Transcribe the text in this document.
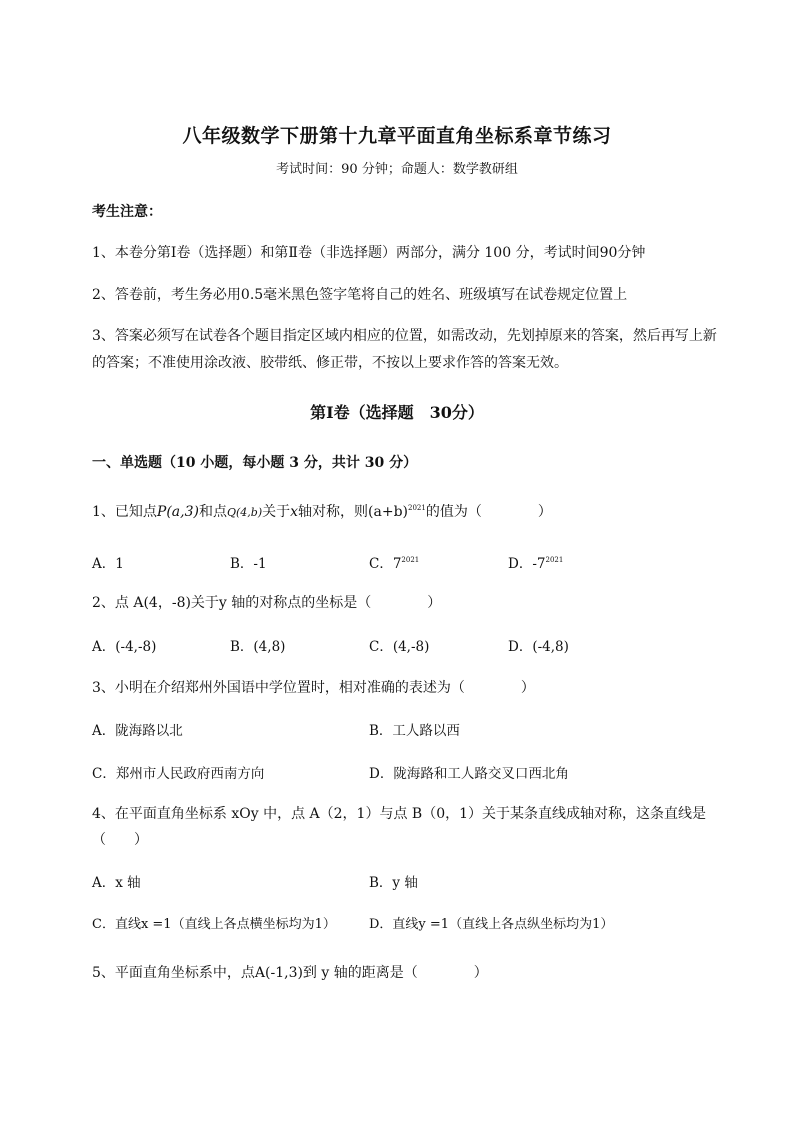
八年级数学下册第十九章平面直角坐标系章节练习
考试时间：90 分钟；命题人：数学教研组
考生注意：
1、本卷分第Ⅰ卷（选择题）和第Ⅱ卷（非选择题）两部分，满分 100 分，考试时间90分钟
2、答卷前，考生务必用0.5毫米黑色签字笔将自己的姓名、班级填写在试卷规定位置上
3、答案必须写在试卷各个题目指定区域内相应的位置，如需改动，先划掉原来的答案，然后再写上新
的答案；不准使用涂改液、胶带纸、修正带，不按以上要求作答的答案无效。
第Ⅰ卷（选择题　30分）
一、单选题（10 小题，每小题 3 分，共计 30 分）
1、已知点P(a,3)和点Q(4,b)关于x轴对称，则$(a+b)^{2021}$的值为（　　　　）
A．1	B．-1	C．$7^{2021}$	D．$-7^{2021}$
2、点 A(4，-8)关于y 轴的对称点的坐标是（　　　　）
A．(-4,-8)	B．(4,8)	C．(4,-8)	D．(-4,8)
3、小明在介绍郑州外国语中学位置时，相对准确的表述为（　　　　）
A．陇海路以北	B．工人路以西
C．郑州市人民政府西南方向	D．陇海路和工人路交叉口西北角
4、在平面直角坐标系 xOy 中，点 A（2，1）与点 B（0，1）关于某条直线成轴对称，这条直线是
（　　）
A．x 轴	B．y 轴
C．直线x =1（直线上各点横坐标均为1）	D．直线y =1（直线上各点纵坐标均为1）
5、平面直角坐标系中，点A(-1,3)到 y 轴的距离是（　　　　）
